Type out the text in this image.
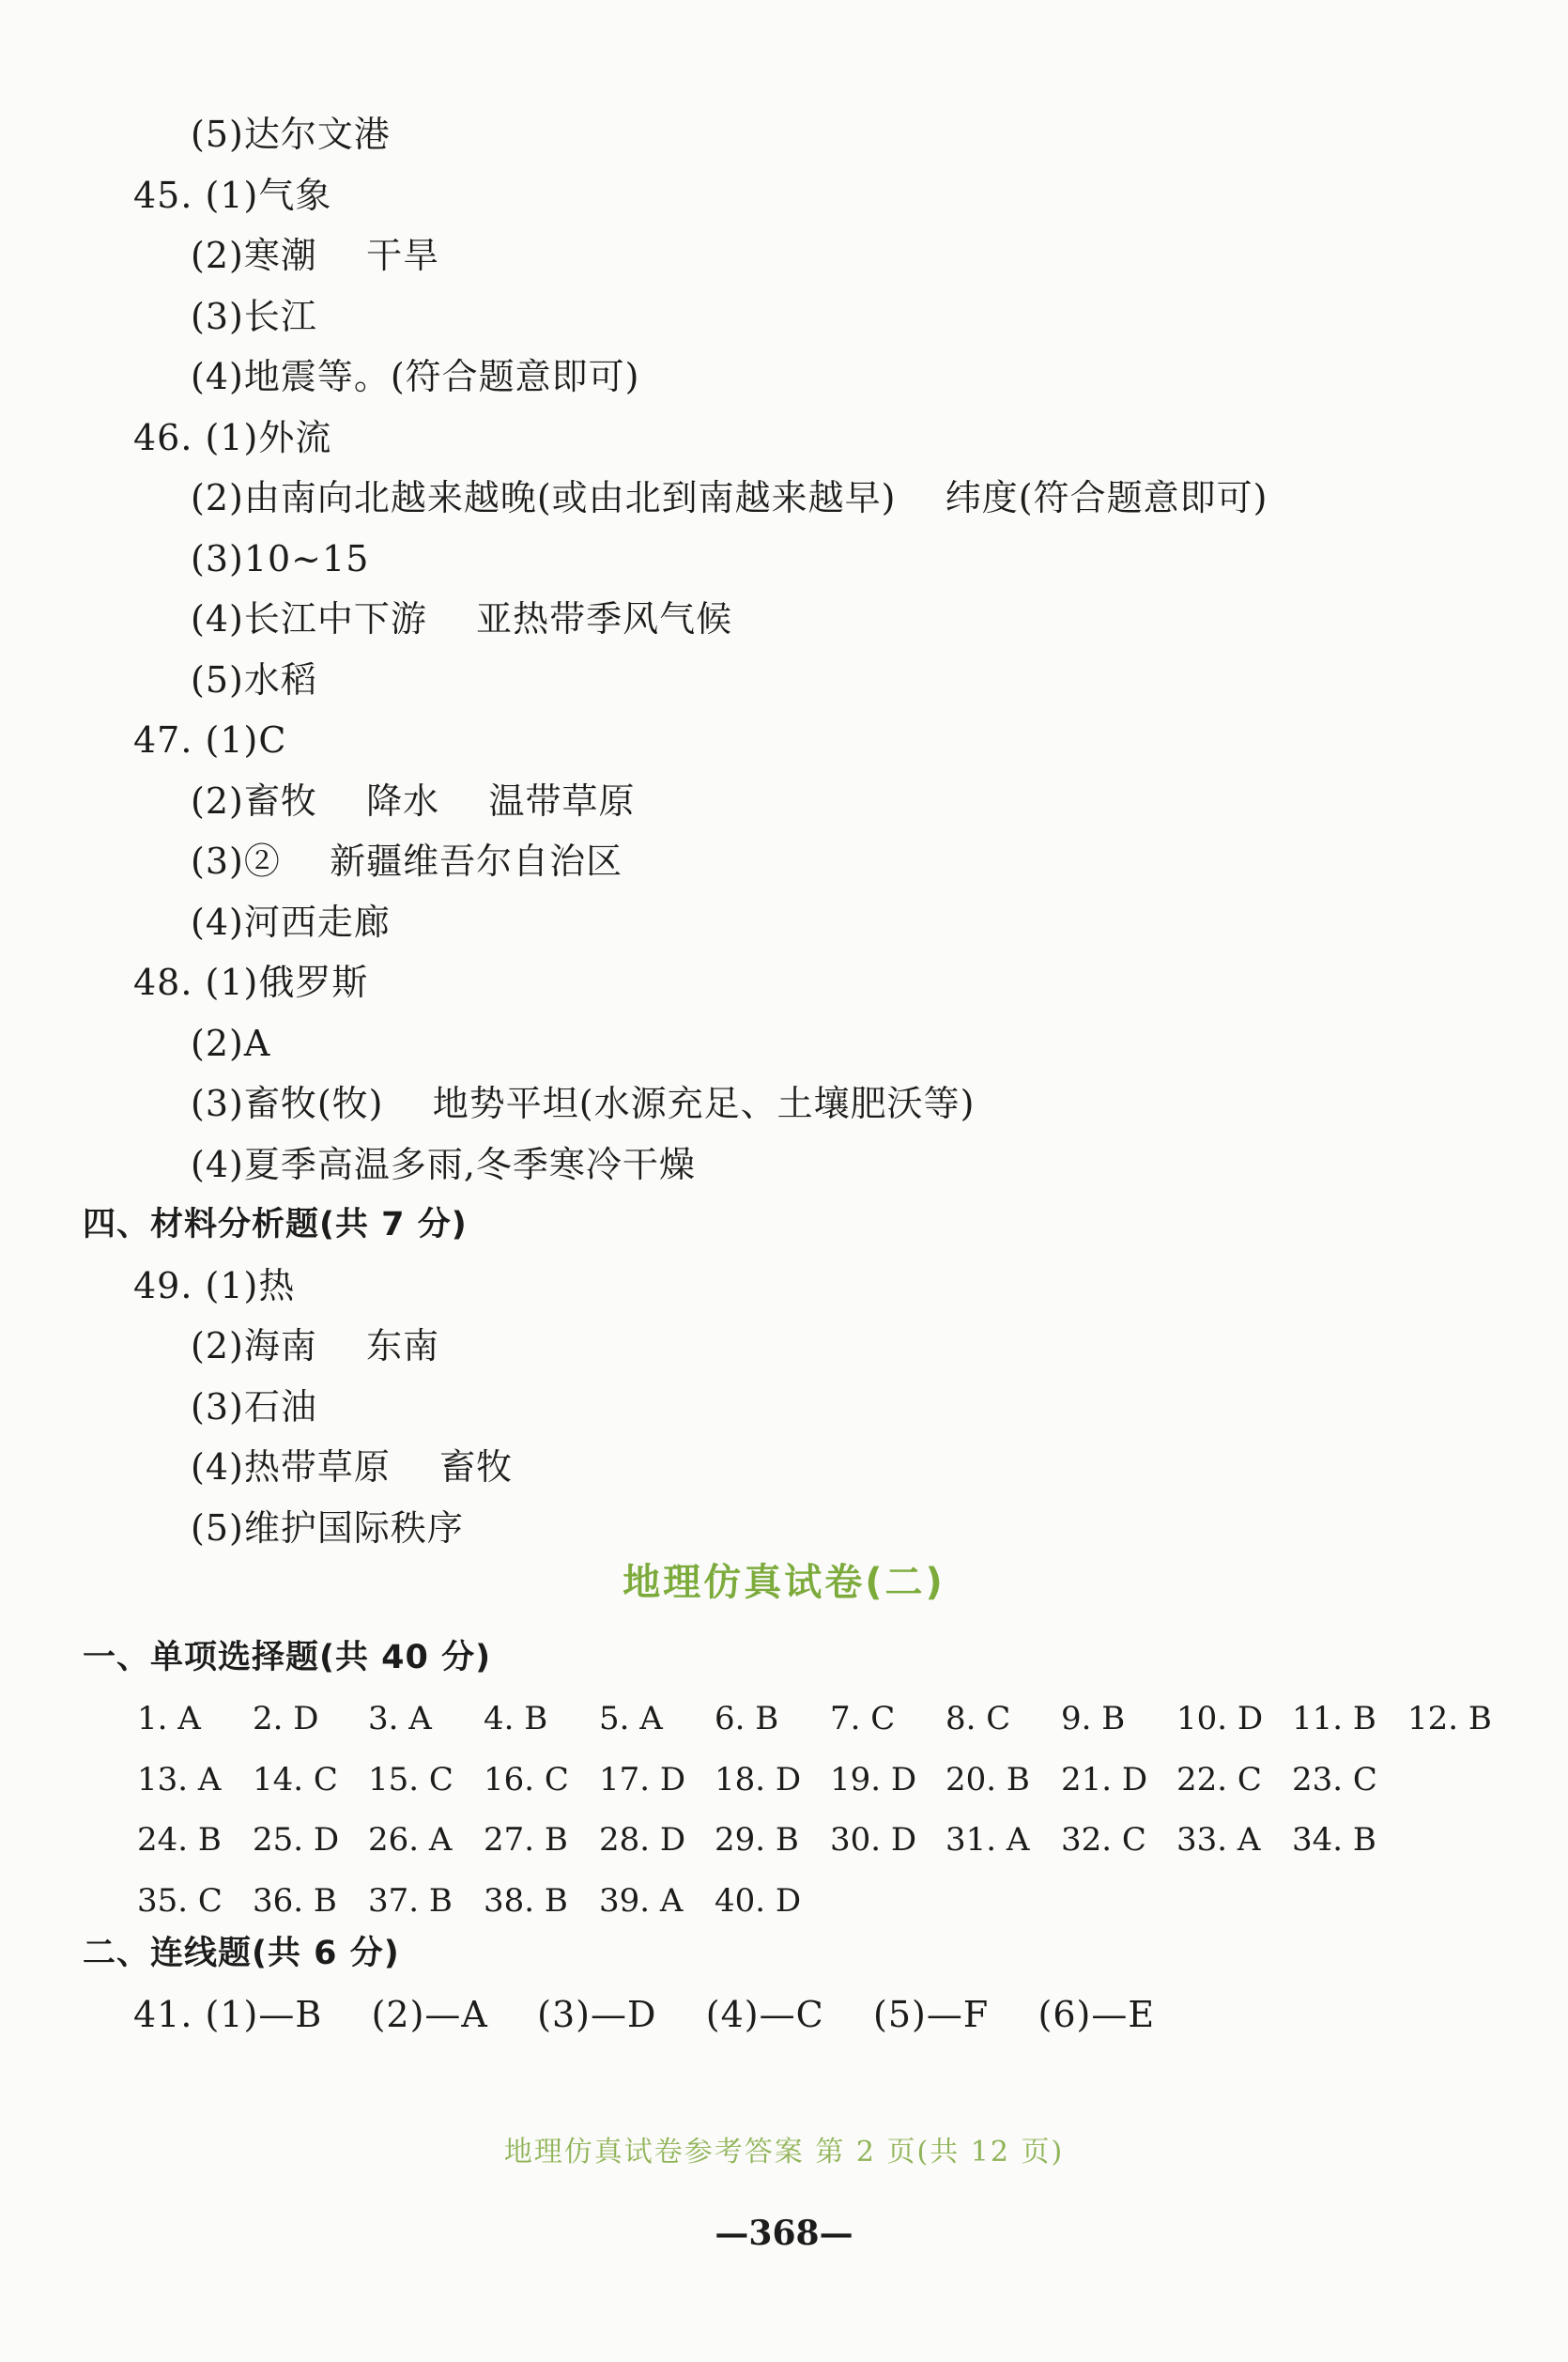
(5)达尔文港
45. (1)气象
(2)寒潮    干旱
(3)长江
(4)地震等。(符合题意即可)
46. (1)外流
(2)由南向北越来越晚(或由北到南越来越早)    纬度(符合题意即可)
(3)10~15
(4)长江中下游    亚热带季风气候
(5)水稻
47. (1)C
(2)畜牧    降水    温带草原
(3)②    新疆维吾尔自治区
(4)河西走廊
48. (1)俄罗斯
(2)A
(3)畜牧(牧)    地势平坦(水源充足、土壤肥沃等)
(4)夏季高温多雨,冬季寒冷干燥
四、材料分析题(共 7 分)
49. (1)热
(2)海南    东南
(3)石油
(4)热带草原    畜牧
(5)维护国际秩序
地理仿真试卷(二)
一、单项选择题(共 40 分)
1. A 2. D 3. A 4. B 5. A 6. B 7. C 8. C 9. B 10. D 11. B 12. B
13. A 14. C 15. C 16. C 17. D 18. D 19. D 20. B 21. D 22. C 23. C
24. B 25. D 26. A 27. B 28. D 29. B 30. D 31. A 32. C 33. A 34. B
35. C 36. B 37. B 38. B 39. A 40. D
二、连线题(共 6 分)
41. (1)—B    (2)—A    (3)—D    (4)—C    (5)—F    (6)—E
地理仿真试卷参考答案 第 2 页(共 12 页)
—368—
